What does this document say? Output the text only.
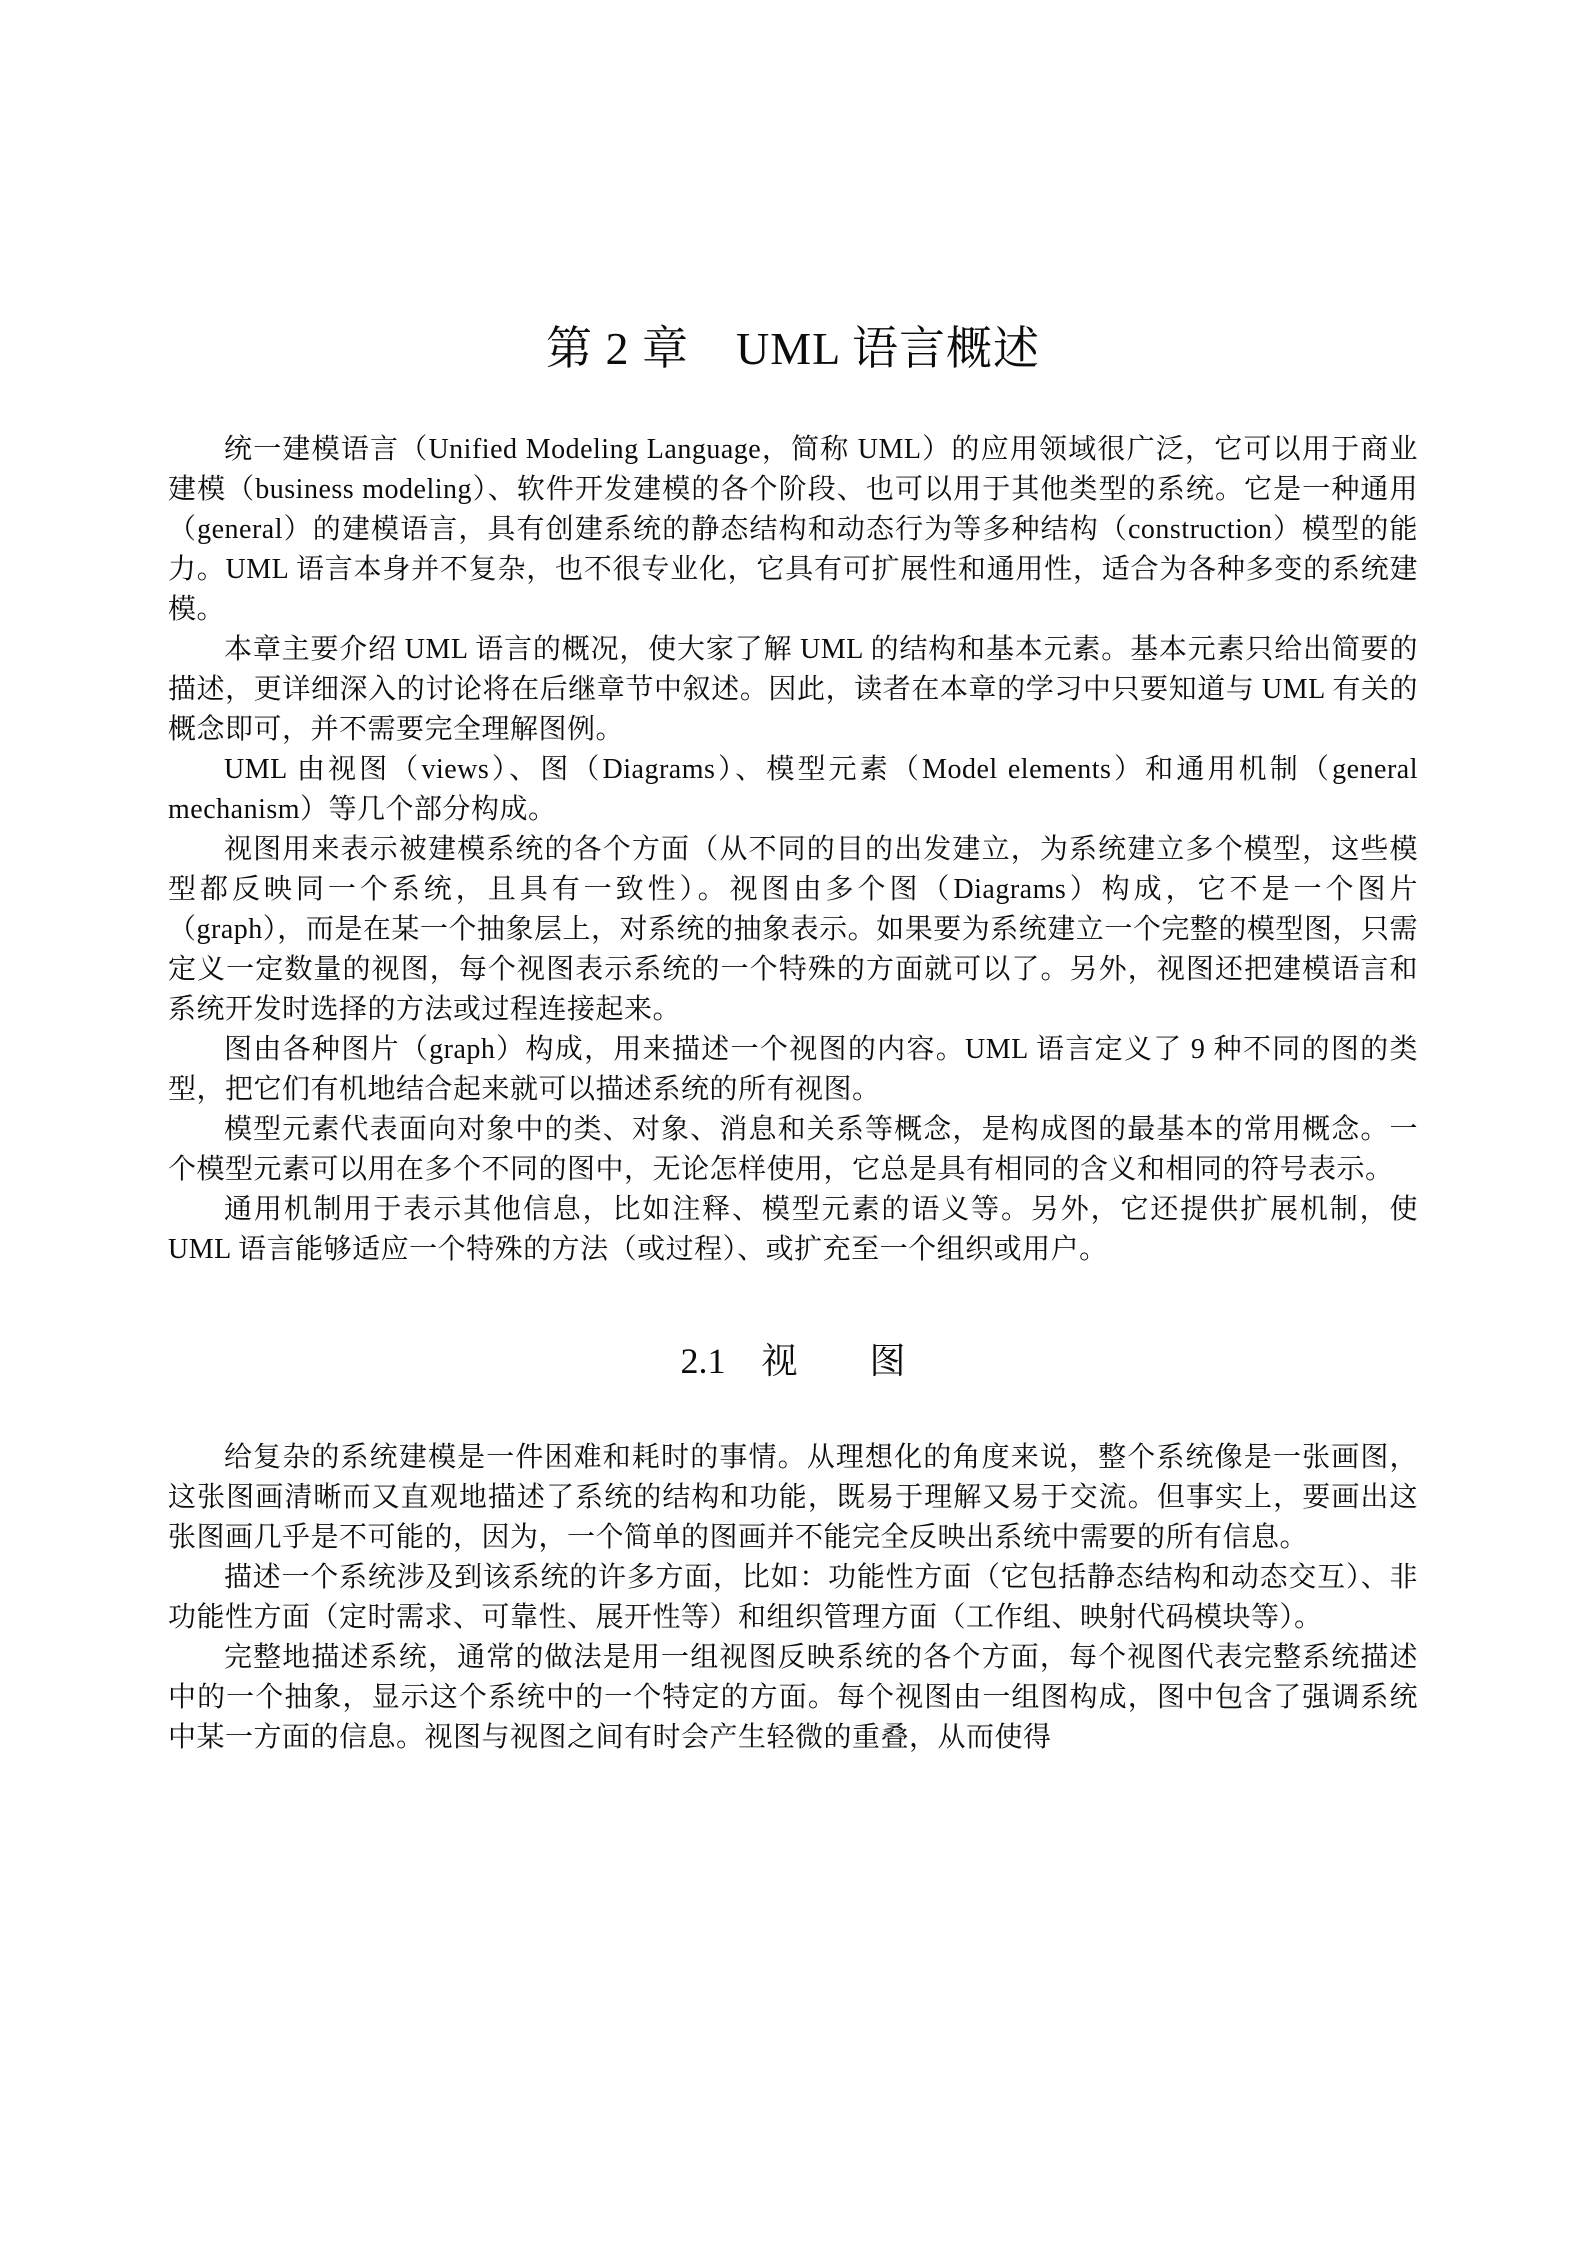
第 2 章　UML 语言概述

统一建模语言（Unified Modeling Language，简称 UML）的应用领域很广泛，它可以用于商业建模（business modeling）、软件开发建模的各个阶段、也可以用于其他类型的系统。它是一种通用（general）的建模语言，具有创建系统的静态结构和动态行为等多种结构（construction）模型的能力。UML 语言本身并不复杂，也不很专业化，它具有可扩展性和通用性，适合为各种多变的系统建模。

本章主要介绍 UML 语言的概况，使大家了解 UML 的结构和基本元素。基本元素只给出简要的描述，更详细深入的讨论将在后继章节中叙述。因此，读者在本章的学习中只要知道与 UML 有关的概念即可，并不需要完全理解图例。

UML 由视图（views）、图（Diagrams）、模型元素（Model elements）和通用机制（general mechanism）等几个部分构成。

视图用来表示被建模系统的各个方面（从不同的目的出发建立，为系统建立多个模型，这些模型都反映同一个系统，且具有一致性）。视图由多个图（Diagrams）构成，它不是一个图片（graph），而是在某一个抽象层上，对系统的抽象表示。如果要为系统建立一个完整的模型图，只需定义一定数量的视图，每个视图表示系统的一个特殊的方面就可以了。另外，视图还把建模语言和系统开发时选择的方法或过程连接起来。

图由各种图片（graph）构成，用来描述一个视图的内容。UML 语言定义了 9 种不同的图的类型，把它们有机地结合起来就可以描述系统的所有视图。

模型元素代表面向对象中的类、对象、消息和关系等概念，是构成图的最基本的常用概念。一个模型元素可以用在多个不同的图中，无论怎样使用，它总是具有相同的含义和相同的符号表示。

通用机制用于表示其他信息，比如注释、模型元素的语义等。另外，它还提供扩展机制，使 UML 语言能够适应一个特殊的方法（或过程）、或扩充至一个组织或用户。

2.1　视　　图

给复杂的系统建模是一件困难和耗时的事情。从理想化的角度来说，整个系统像是一张画图，这张图画清晰而又直观地描述了系统的结构和功能，既易于理解又易于交流。但事实上，要画出这张图画几乎是不可能的，因为，一个简单的图画并不能完全反映出系统中需要的所有信息。

描述一个系统涉及到该系统的许多方面，比如：功能性方面（它包括静态结构和动态交互）、非功能性方面（定时需求、可靠性、展开性等）和组织管理方面（工作组、映射代码模块等）。

完整地描述系统，通常的做法是用一组视图反映系统的各个方面，每个视图代表完整系统描述中的一个抽象，显示这个系统中的一个特定的方面。每个视图由一组图构成，图中包含了强调系统中某一方面的信息。视图与视图之间有时会产生轻微的重叠，从而使得
